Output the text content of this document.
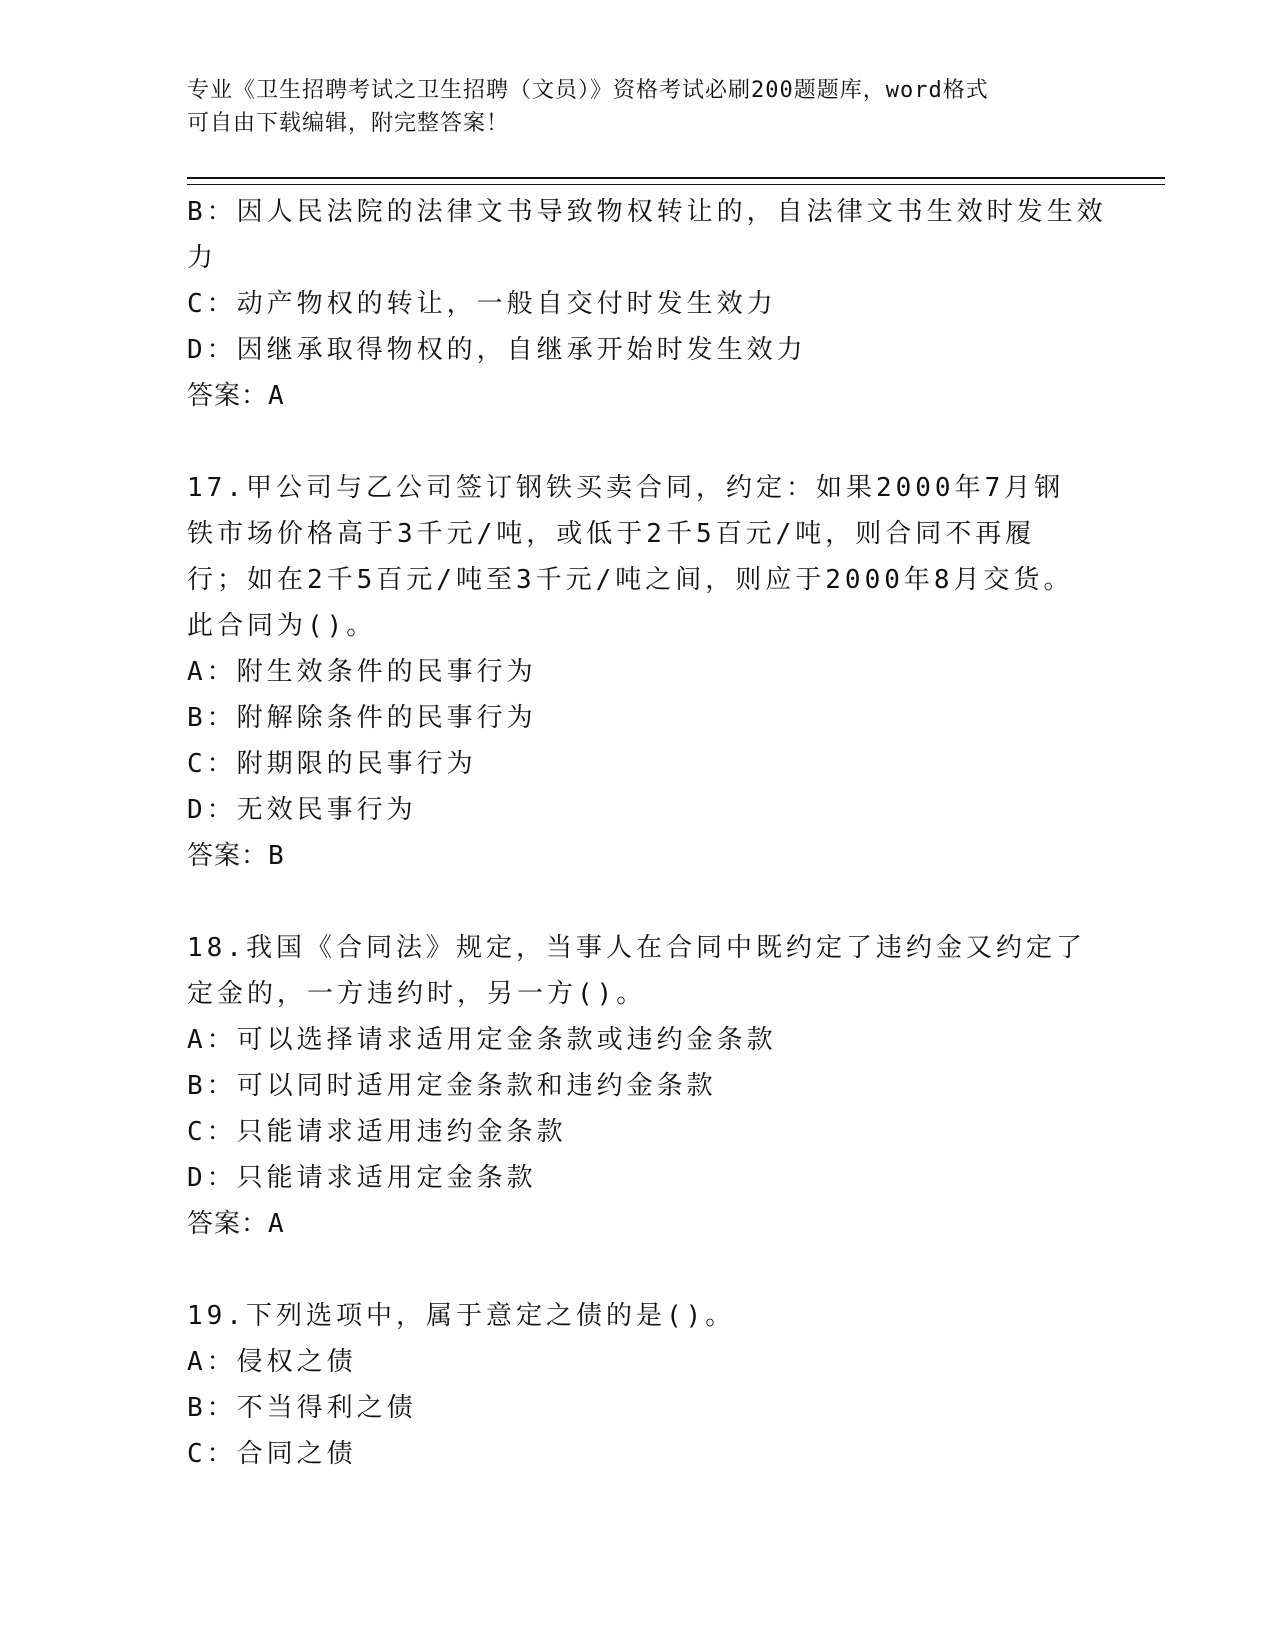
专业《卫生招聘考试之卫生招聘（文员）》资格考试必刷200题题库，word格式
可自由下载编辑，附完整答案！
B：因人民法院的法律文书导致物权转让的，自法律文书生效时发生效
力
C：动产物权的转让，一般自交付时发生效力
D：因继承取得物权的，自继承开始时发生效力
答案：A
17.甲公司与乙公司签订钢铁买卖合同，约定：如果2000年7月钢铁市场价格高于3千元/吨，或低于2千5百元/吨，则合同不再履行；如在2千5百元/吨至3千元/吨之间，则应于2000年8月交货。此合同为()。
A：附生效条件的民事行为
B：附解除条件的民事行为
C：附期限的民事行为
D：无效民事行为
答案：B
18.我国《合同法》规定，当事人在合同中既约定了违约金又约定了定金的，一方违约时，另一方()。
A：可以选择请求适用定金条款或违约金条款
B：可以同时适用定金条款和违约金条款
C：只能请求适用违约金条款
D：只能请求适用定金条款
答案：A
19.下列选项中，属于意定之债的是()。
A：侵权之债
B：不当得利之债
C：合同之债
